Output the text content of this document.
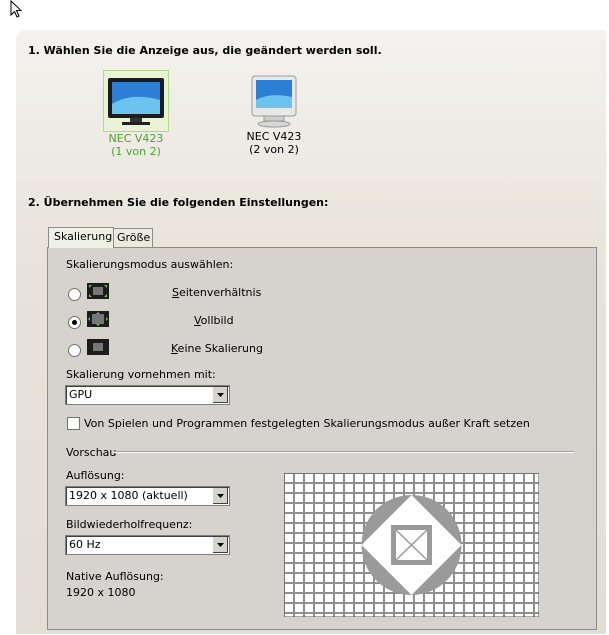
1. Wählen Sie die Anzeige aus, die geändert werden soll.
NEC V423
(1 von 2)
NEC V423
(2 von 2)
2. Übernehmen Sie die folgenden Einstellungen:
Skalierung Größe
Skalierungsmodus auswählen:
Seitenverhältnis
Vollbild
Keine Skalierung
Skalierung vornehmen mit:
GPU
Von Spielen und Programmen festgelegten Skalierungsmodus außer Kraft setzen
Vorschau
Auflösung:
1920 x 1080 (aktuell)
Bildwiederholfrequenz:
60 Hz
Native Auflösung:
1920 x 1080
